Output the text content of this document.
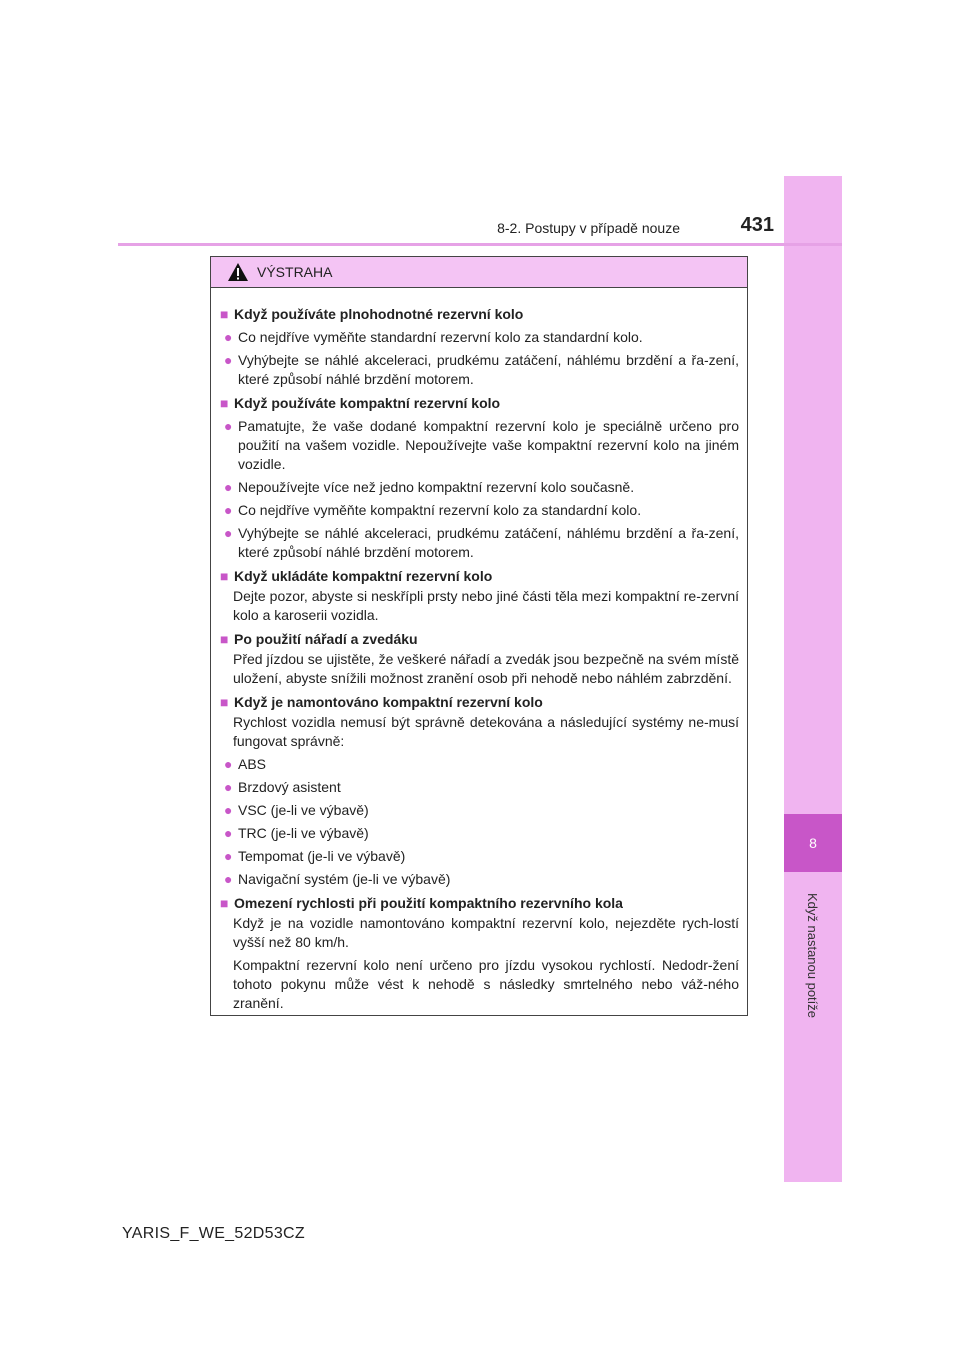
8
Když nastanou potíže
8-2. Postupy v případě nouze	431
VÝSTRAHA
■ Když používáte plnohodnotné rezervní kolo
● Co nejdříve vyměňte standardní rezervní kolo za standardní kolo.
● Vyhýbejte se náhlé akceleraci, prudkému zatáčení, náhlému brzdění a řa-zení, které způsobí náhlé brzdění motorem.
■ Když používáte kompaktní rezervní kolo
● Pamatujte, že vaše dodané kompaktní rezervní kolo je speciálně určeno pro použití na vašem vozidle. Nepoužívejte vaše kompaktní rezervní kolo na jiném vozidle.
● Nepoužívejte více než jedno kompaktní rezervní kolo současně.
● Co nejdříve vyměňte kompaktní rezervní kolo za standardní kolo.
● Vyhýbejte se náhlé akceleraci, prudkému zatáčení, náhlému brzdění a řa-zení, které způsobí náhlé brzdění motorem.
■ Když ukládáte kompaktní rezervní kolo
Dejte pozor, abyste si neskřípli prsty nebo jiné části těla mezi kompaktní re-zervní kolo a karoserii vozidla.
■ Po použití nářadí a zvedáku
Před jízdou se ujistěte, že veškeré nářadí a zvedák jsou bezpečně na svém místě uložení, abyste snížili možnost zranění osob při nehodě nebo náhlém zabrzdění.
■ Když je namontováno kompaktní rezervní kolo
Rychlost vozidla nemusí být správně detekována a následující systémy ne-musí fungovat správně:
● ABS
● Brzdový asistent
● VSC (je-li ve výbavě)
● TRC (je-li ve výbavě)
● Tempomat (je-li ve výbavě)
● Navigační systém (je-li ve výbavě)
■ Omezení rychlosti při použití kompaktního rezervního kola
Když je na vozidle namontováno kompaktní rezervní kolo, nejezděte rych-lostí vyšší než 80 km/h.
Kompaktní rezervní kolo není určeno pro jízdu vysokou rychlostí. Nedodr-žení tohoto pokynu může vést k nehodě s následky smrtelného nebo váž-ného zranění.
YARIS_F_WE_52D53CZ
